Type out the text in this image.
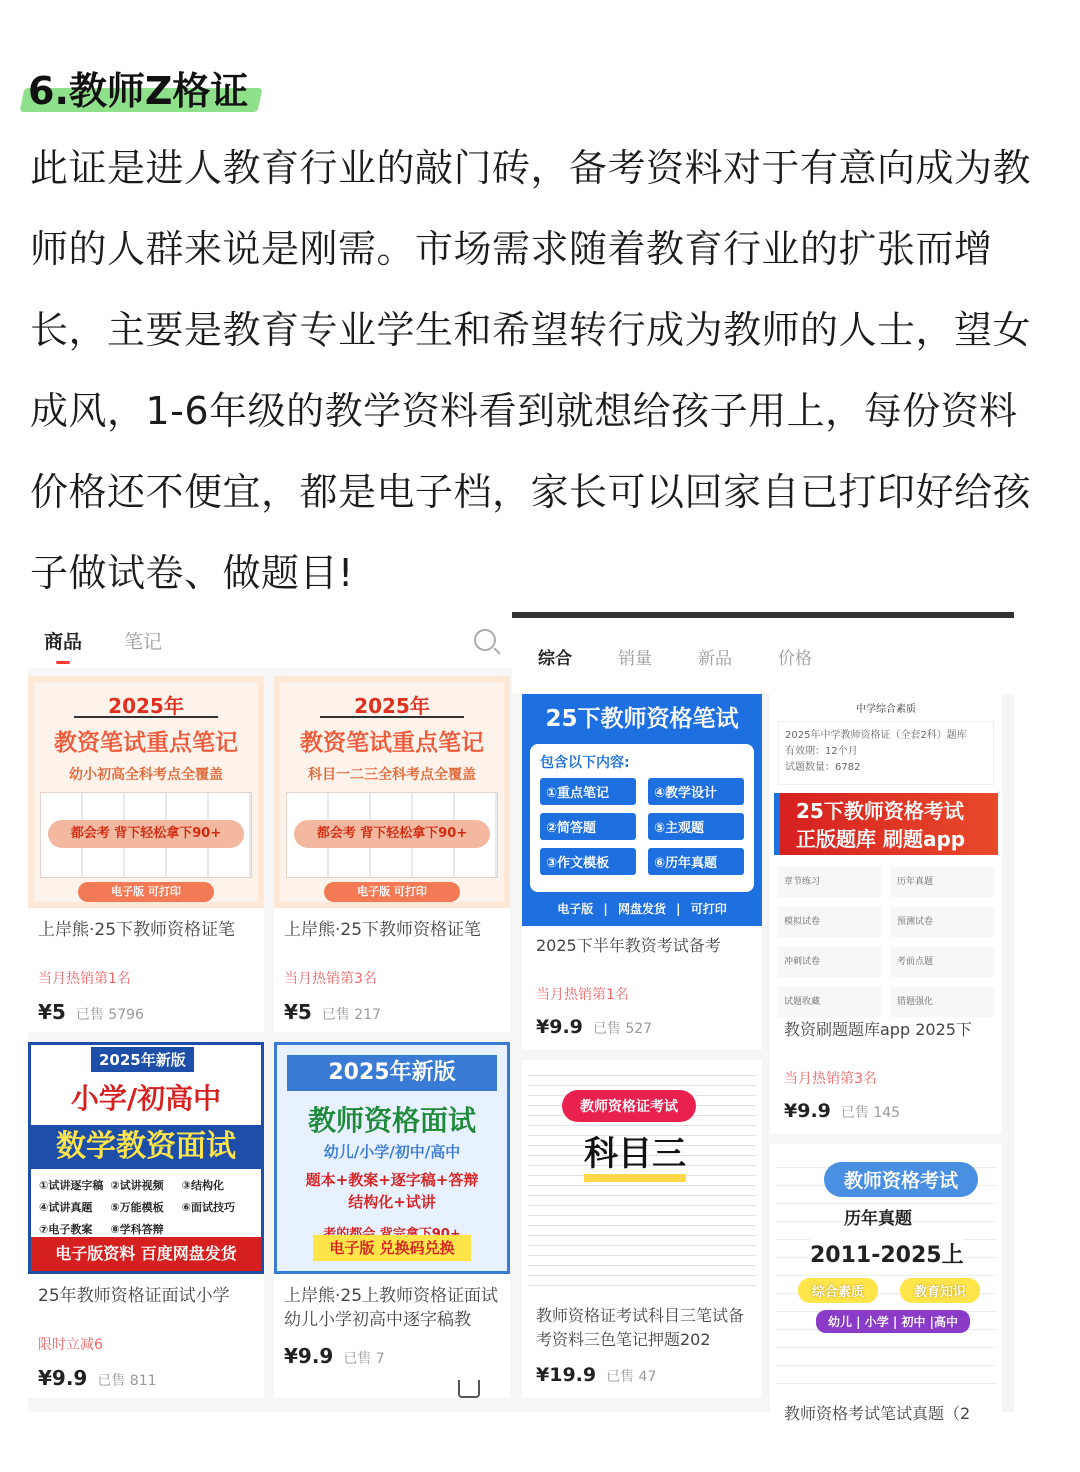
6.教师Z格证

此证是进人教育行业的敲门砖，备考资料对于有意向成为教师的人群来说是刚需。市场需求随着教育行业的扩张而增长，主要是教育专业学生和希望转行成为教师的人士，望女成风，1-6年级的教学资料看到就想给孩子用上，每份资料价格还不便宜，都是电子档，家长可以回家自已打印好给孩子做试卷、做题目!

商品 笔记
2025年
教资笔试重点笔记
幼小初高全科考点全覆盖
都会考 背下轻松拿下90+
电子版 可打印
上岸熊·25下教师资格证笔
当月热销第1名
¥5 已售 5796
2025年
教资笔试重点笔记
科目一二三全科考点全覆盖
都会考 背下轻松拿下90+
电子版 可打印
上岸熊·25下教师资格证笔
当月热销第3名
¥5 已售 217
2025年新版
小学/初高中
数学教资面试
①试讲逐字稿 ②试讲视频	③结构化
④试讲真题	⑤万能模板	⑥面试技巧
⑦电子教案	⑧学科答辩
电子版资料 百度网盘发货
25年教师资格证面试小学
限时立减6
¥9.9 已售 811
2025年新版
教师资格面试
幼儿/小学/初中/高中
题本+教案+逐字稿+答辩
结构化+试讲
电子版 兑换码兑换
上岸熊·25上教师资格证面试幼儿小学初高中逐字稿教
¥9.9 已售 7
综合	销量	新品	价格
25下教师资格笔试
包含以下内容:
①重点笔记	④教学设计
②简答题	⑤主观题
③作文模板	⑥历年真题
电子版 | 网盘发货 | 可打印
2025下半年教资考试备考
当月热销第1名
¥9.9 已售 527
教师资格证考试
科目三
教师资格证考试科目三笔试备考资料三色笔记押题202
¥19.9 已售 47
中学综合素质
2025年中学教师资格证（全套2科）题库
有效期：12个月
试题数量：6782
25下教师资格考试
正版题库 刷题app
章节练习	历年真题
模拟试卷	预测试卷
冲刺试卷	考前点题
试题收藏	错题强化
教资刷题题库app 2025下
当月热销第3名
¥9.9 已售 145
教师资格考试
历年真题
2011-2025上
综合素质	教育知识
幼儿 | 小学 | 初中 |高中
教师资格考试笔试真题（2
